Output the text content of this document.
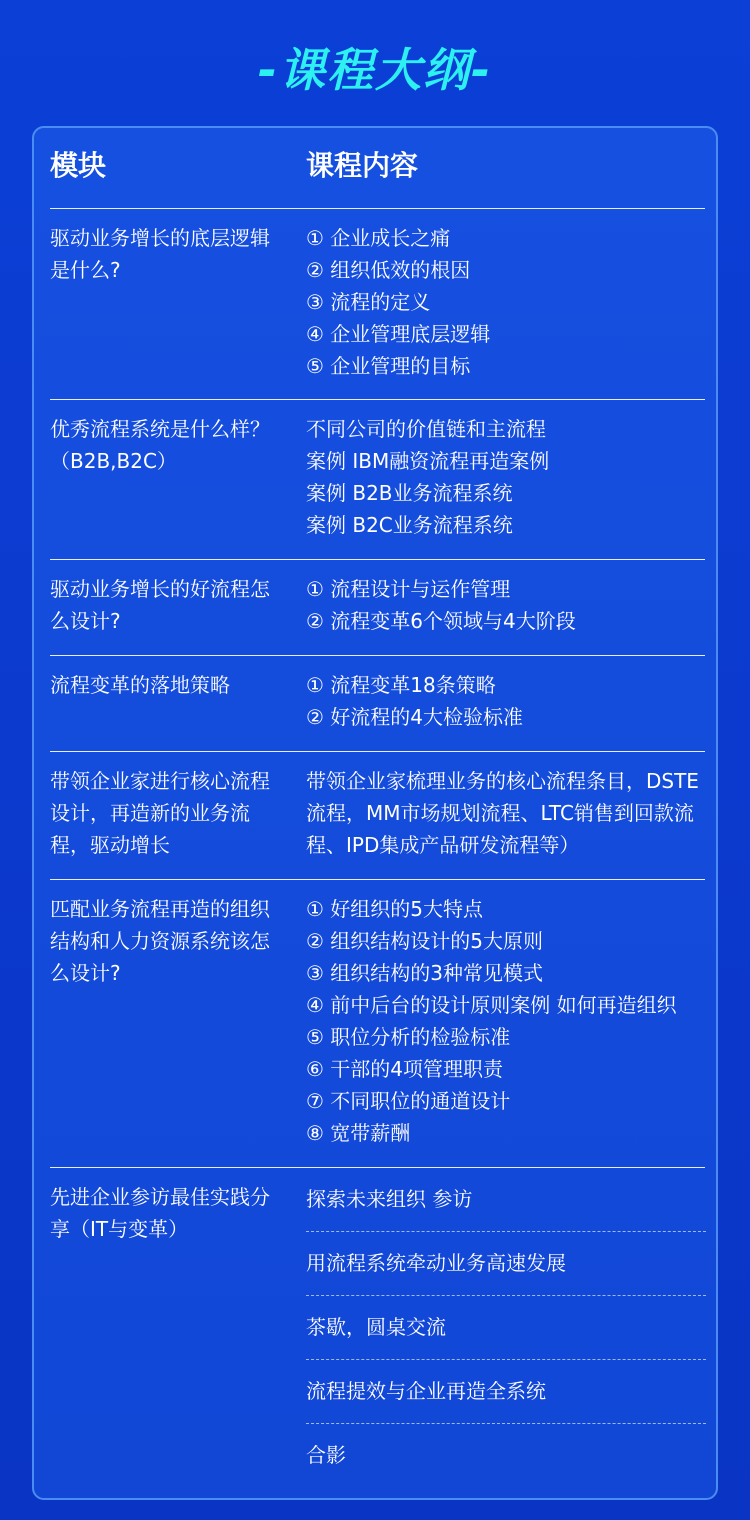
-课程大纲-
模块	课程内容
驱动业务增长的底层逻辑是什么?
① 企业成长之痛
② 组织低效的根因
③ 流程的定义
④ 企业管理底层逻辑
⑤ 企业管理的目标
优秀流程系统是什么样？（B2B,B2C）
不同公司的价值链和主流程
案例 IBM融资流程再造案例
案例 B2B业务流程系统
案例 B2C业务流程系统
驱动业务增长的好流程怎么设计?
① 流程设计与运作管理
② 流程变革6个领域与4大阶段
流程变革的落地策略	① 流程变革18条策略
② 好流程的4大检验标准
带领企业家进行核心流程设计，再造新的业务流程，驱动增长
带领企业家梳理业务的核心流程条目，DSTE流程，MM市场规划流程、LTC销售到回款流程、IPD集成产品研发流程等）
匹配业务流程再造的组织结构和人力资源系统该怎么设计?
① 好组织的5大特点
② 组织结构设计的5大原则
③ 组织结构的3种常见模式
④ 前中后台的设计原则案例 如何再造组织
⑤ 职位分析的检验标准
⑥ 干部的4项管理职责
⑦ 不同职位的通道设计
⑧ 宽带薪酬
先进企业参访最佳实践分享（IT与变革）
探索未来组织 参访
用流程系统牵动业务高速发展
茶歇，圆桌交流
流程提效与企业再造全系统
合影
